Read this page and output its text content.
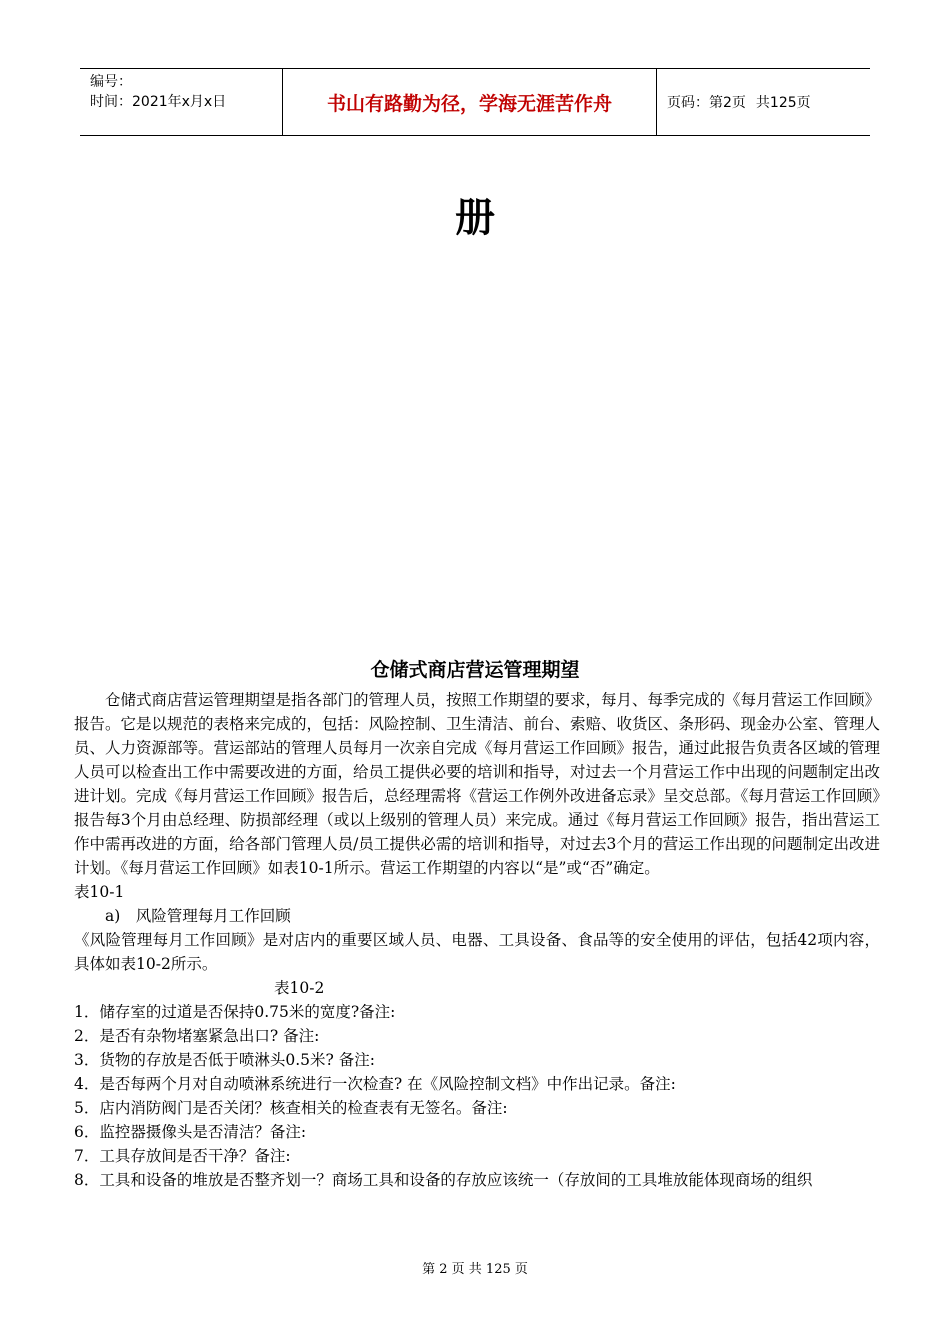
编号：
时间：2021年x月x日	书山有路勤为径，学海无涯苦作舟	页码：第2页 共125页
册
仓储式商店营运管理期望

仓储式商店营运管理期望是指各部门的管理人员，按照工作期望的要求，每月、每季完成的《每月营运工作回顾》报告。它是以规范的表格来完成的，包括：风险控制、卫生清洁、前台、索赔、收货区、条形码、现金办公室、管理人员、人力资源部等。营运部站的管理人员每月一次亲自完成《每月营运工作回顾》报告，通过此报告负责各区域的管理人员可以检查出工作中需要改进的方面，给员工提供必要的培训和指导，对过去一个月营运工作中出现的问题制定出改进计划。完成《每月营运工作回顾》报告后，总经理需将《营运工作例外改进备忘录》呈交总部。《每月营运工作回顾》报告每3个月由总经理、防损部经理（或以上级别的管理人员）来完成。通过《每月营运工作回顾》报告，指出营运工作中需再改进的方面，给各部门管理人员/员工提供必需的培训和指导，对过去3个月的营运工作出现的问题制定出改进计划。《每月营运工作回顾》如表10-1所示。营运工作期望的内容以“是”或“否”确定。

表10-1

a)　风险管理每月工作回顾

《风险管理每月工作回顾》是对店内的重要区域人员、电器、工具设备、食品等的安全使用的评估，包括42项内容，具体如表10-2所示。

表10-2

1．储存室的过道是否保持0.75米的宽度?备注:

2．是否有杂物堵塞紧急出口? 备注:

3．货物的存放是否低于喷淋头0.5米? 备注:

4．是否每两个月对自动喷淋系统进行一次检查? 在《风险控制文档》中作出记录。备注:

5．店内消防阀门是否关闭？核查相关的检查表有无签名。备注:

6．监控器摄像头是否清洁？备注:

7．工具存放间是否干净？备注:

8．工具和设备的堆放是否整齐划一？商场工具和设备的存放应该统一（存放间的工具堆放能体现商场的组织

第 2 页 共 125 页
